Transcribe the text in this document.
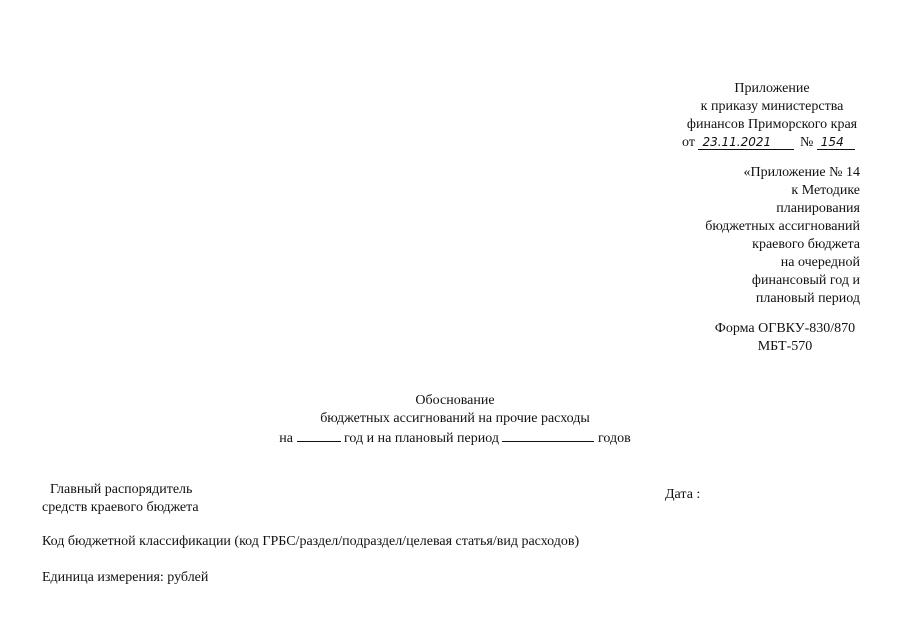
Приложение
к приказу министерства
финансов Приморского края
от 23.11.2021 № 154
«Приложение № 14
к Методике
планирования
бюджетных ассигнований
краевого бюджета
на очередной
финансовый год и
плановый период
Форма ОГВКУ-830/870
МБТ-570
Обоснование
бюджетных ассигнований на прочие расходы
на	год и на плановый период	годов
Главный распорядитель
средств краевого бюджета
Дата :
Код бюджетной классификации (код ГРБС/раздел/подраздел/целевая статья/вид расходов)
Единица измерения: рублей
